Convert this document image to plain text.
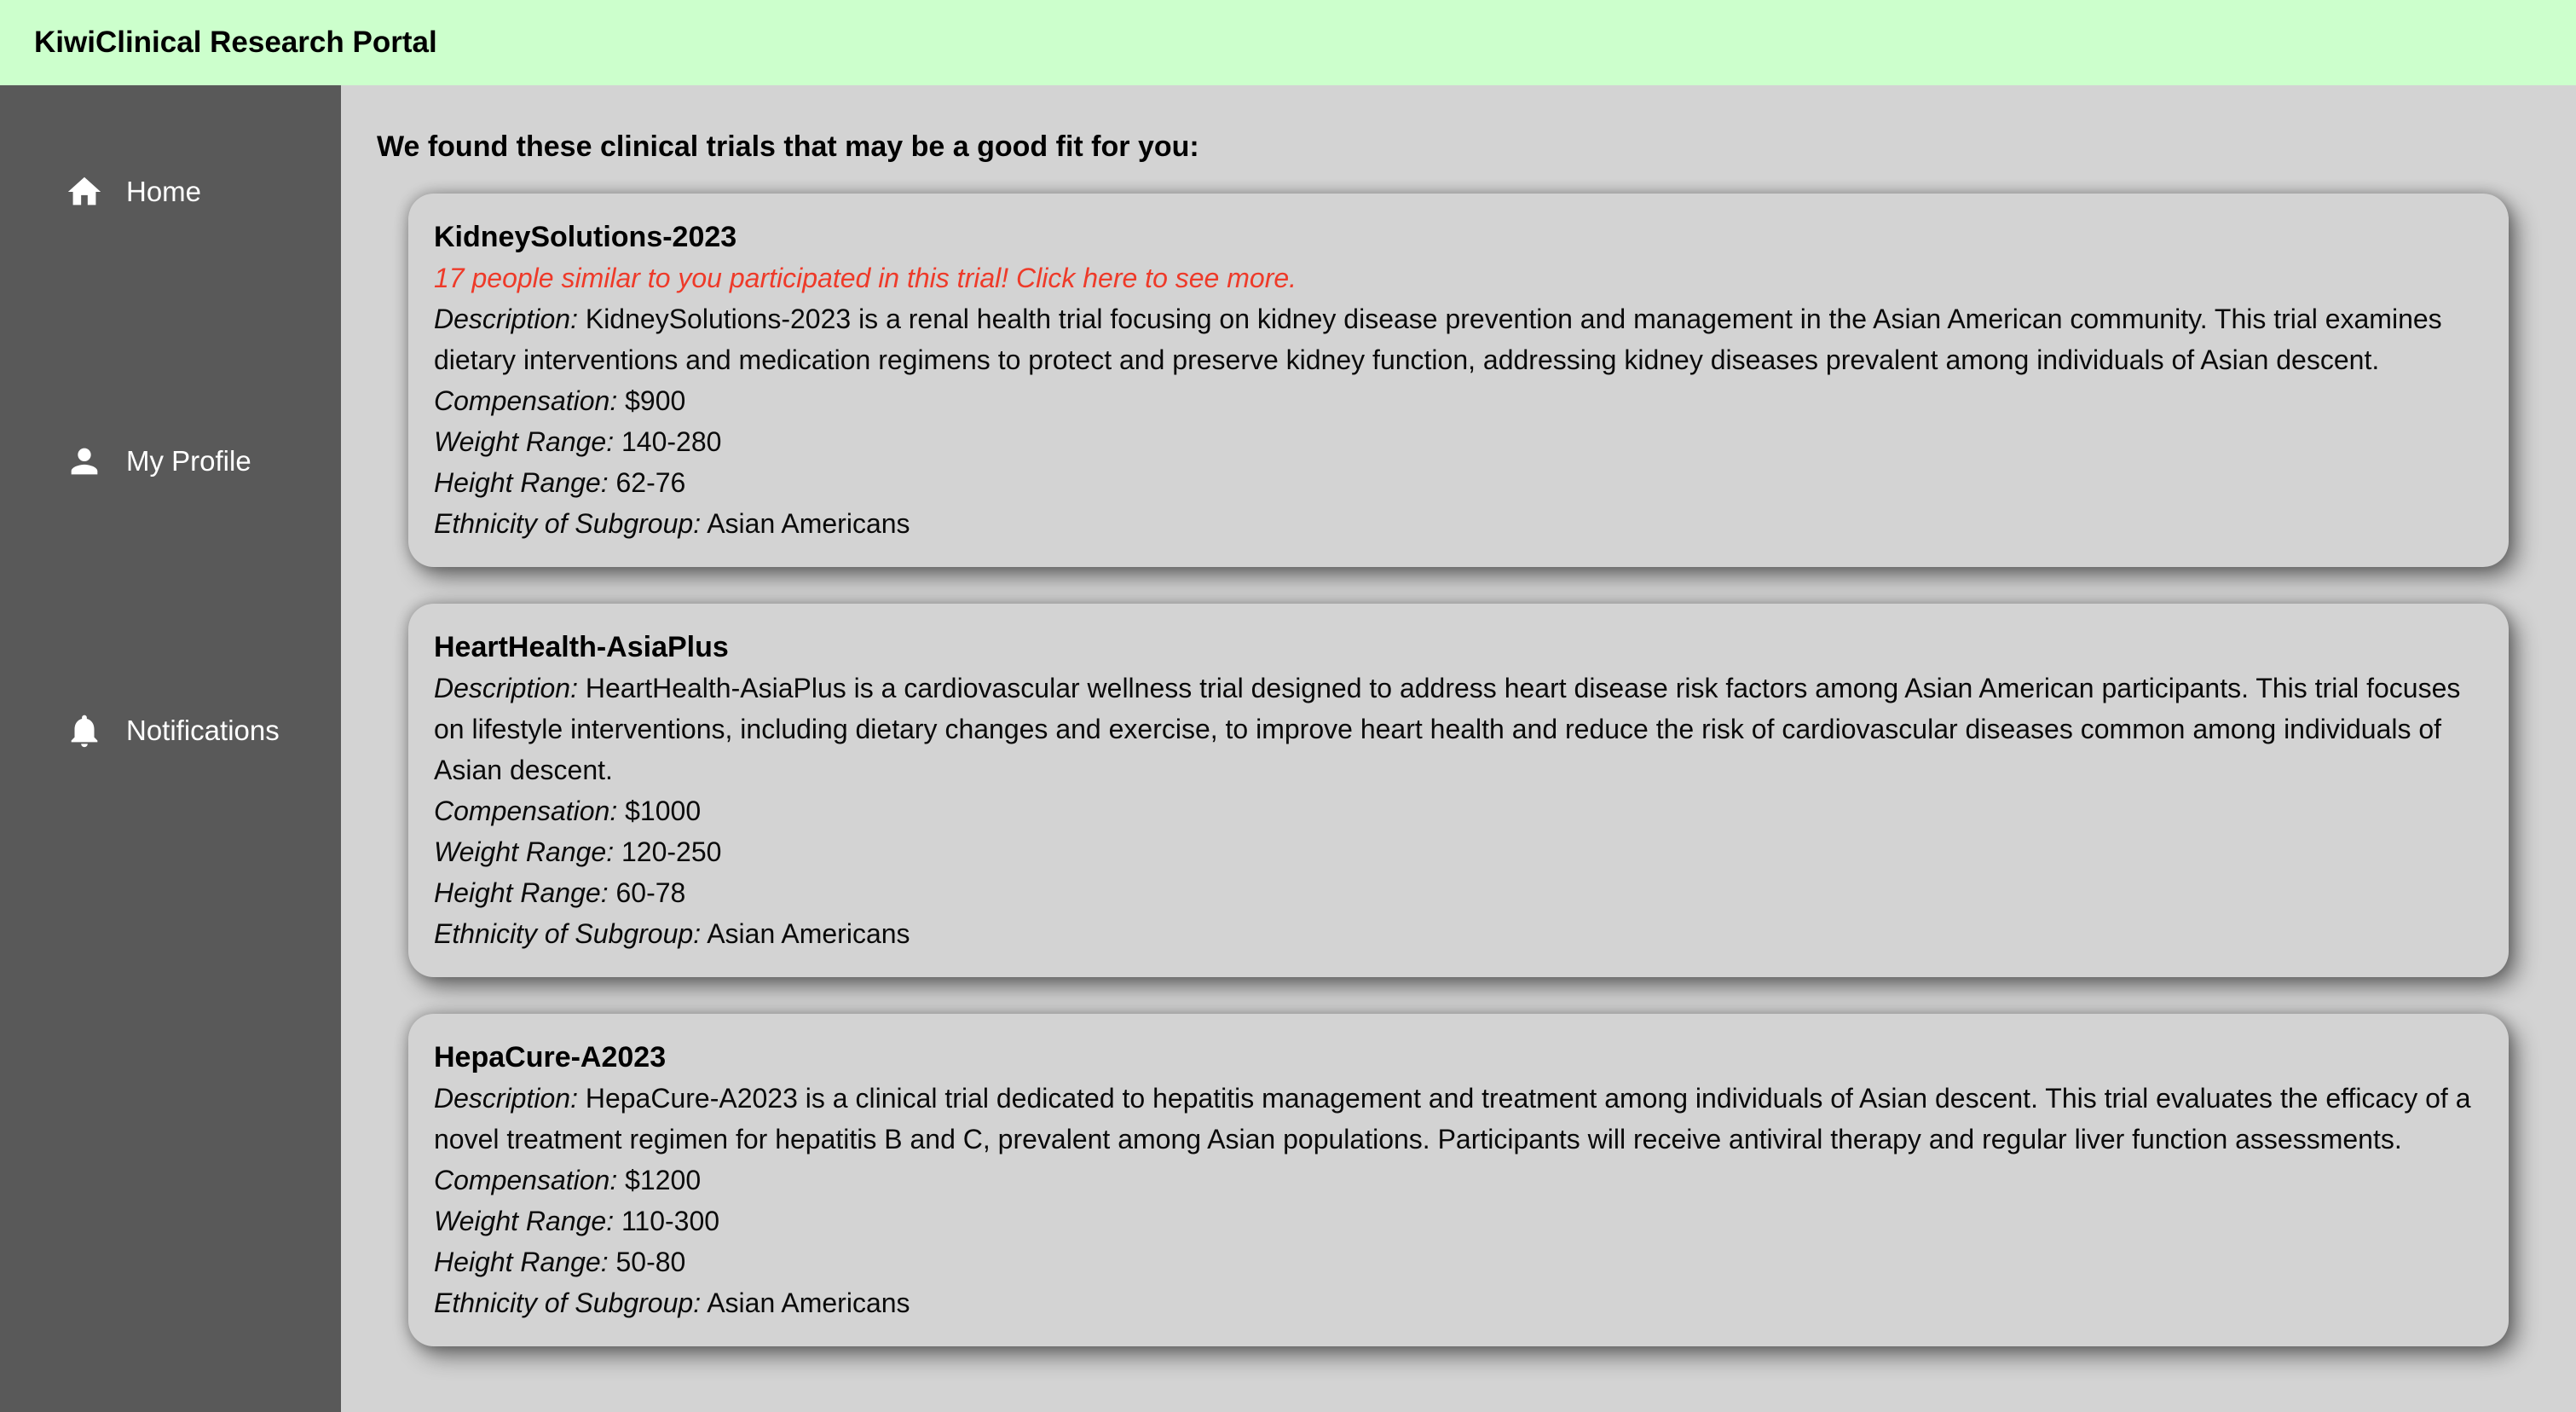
KiwiClinical Research Portal
Home
My Profile
Notifications
We found these clinical trials that may be a good fit for you:
KidneySolutions-2023

17 people similar to you participated in this trial! Click here to see more.

Description: KidneySolutions-2023 is a renal health trial focusing on kidney disease prevention and management in the Asian American community. This trial examines dietary interventions and medication regimens to protect and preserve kidney function, addressing kidney diseases prevalent among individuals of Asian descent.

Compensation: $900

Weight Range: 140-280

Height Range: 62-76

Ethnicity of Subgroup: Asian Americans

HeartHealth-AsiaPlus

Description: HeartHealth-AsiaPlus is a cardiovascular wellness trial designed to address heart disease risk factors among Asian American participants. This trial focuses on lifestyle interventions, including dietary changes and exercise, to improve heart health and reduce the risk of cardiovascular diseases common among individuals of Asian descent.

Compensation: $1000

Weight Range: 120-250

Height Range: 60-78

Ethnicity of Subgroup: Asian Americans

HepaCure-A2023

Description: HepaCure-A2023 is a clinical trial dedicated to hepatitis management and treatment among individuals of Asian descent. This trial evaluates the efficacy of a novel treatment regimen for hepatitis B and C, prevalent among Asian populations. Participants will receive antiviral therapy and regular liver function assessments.

Compensation: $1200

Weight Range: 110-300

Height Range: 50-80

Ethnicity of Subgroup: Asian Americans
